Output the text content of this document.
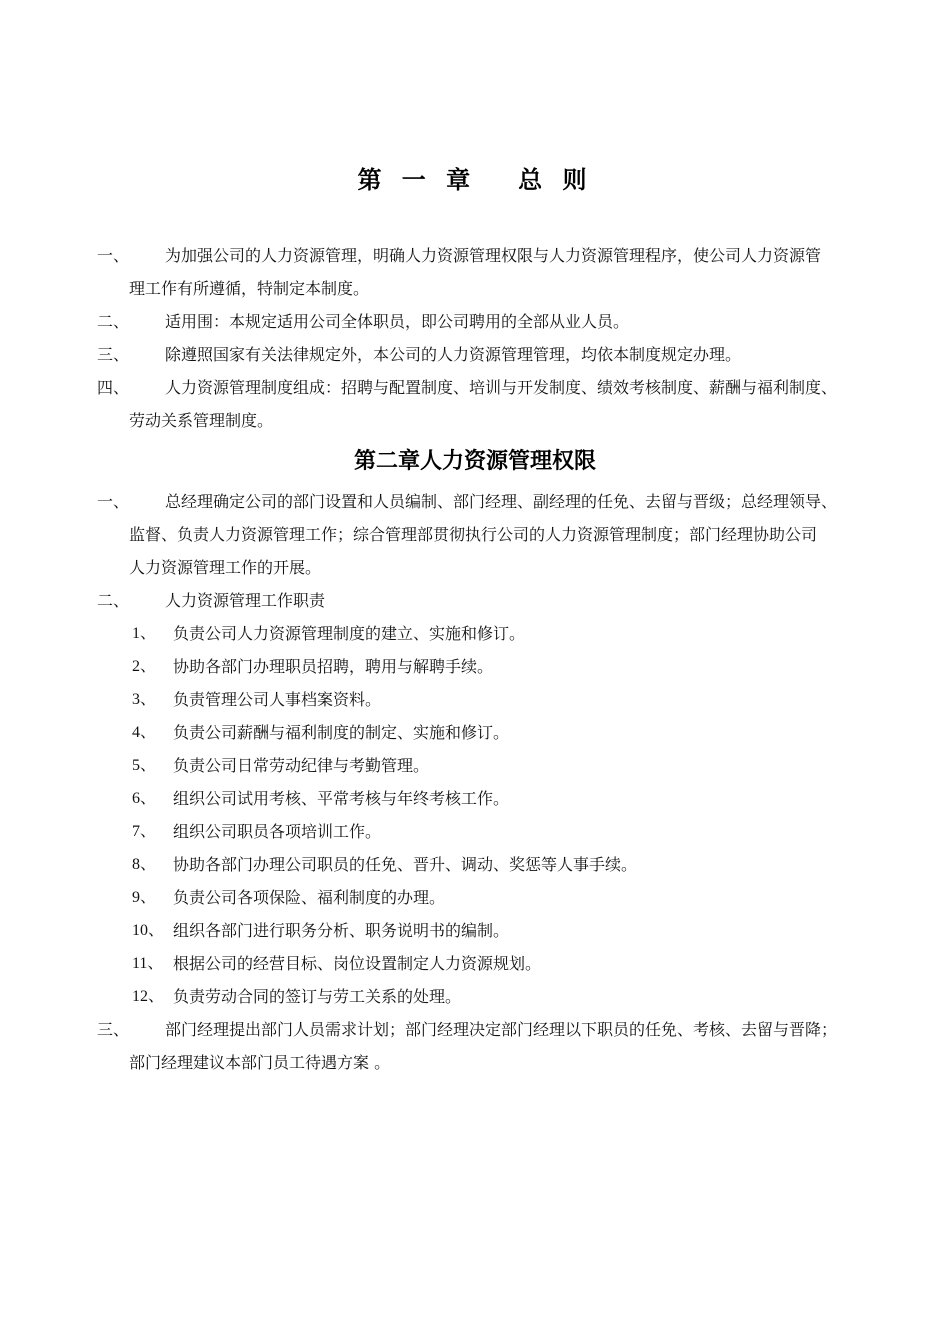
第 一 章 总 则
一、 为加强公司的人力资源管理，明确人力资源管理权限与人力资源管理程序，使公司人力资源管
理工作有所遵循，特制定本制度。
二、 适用围：本规定适用公司全体职员，即公司聘用的全部从业人员。
三、 除遵照国家有关法律规定外，本公司的人力资源管理管理，均依本制度规定办理。
四、 人力资源管理制度组成：招聘与配置制度、培训与开发制度、绩效考核制度、薪酬与福利制度、
劳动关系管理制度。
第二章人力资源管理权限
一、 总经理确定公司的部门设置和人员编制、部门经理、副经理的任免、去留与晋级；总经理领导、
监督、负责人力资源管理工作；综合管理部贯彻执行公司的人力资源管理制度；部门经理协助公司
人力资源管理工作的开展。
二、 人力资源管理工作职责
1、 负责公司人力资源管理制度的建立、实施和修订。
2、 协助各部门办理职员招聘，聘用与解聘手续。
3、 负责管理公司人事档案资料。
4、 负责公司薪酬与福利制度的制定、实施和修订。
5、 负责公司日常劳动纪律与考勤管理。
6、 组织公司试用考核、平常考核与年终考核工作。
7、 组织公司职员各项培训工作。
8、 协助各部门办理公司职员的任免、晋升、调动、奖惩等人事手续。
9、 负责公司各项保险、福利制度的办理。
10、 组织各部门进行职务分析、职务说明书的编制。
11、 根据公司的经营目标、岗位设置制定人力资源规划。
12、 负责劳动合同的签订与劳工关系的处理。
三、 部门经理提出部门人员需求计划；部门经理决定部门经理以下职员的任免、考核、去留与晋降；
部门经理建议本部门员工待遇方案 。
